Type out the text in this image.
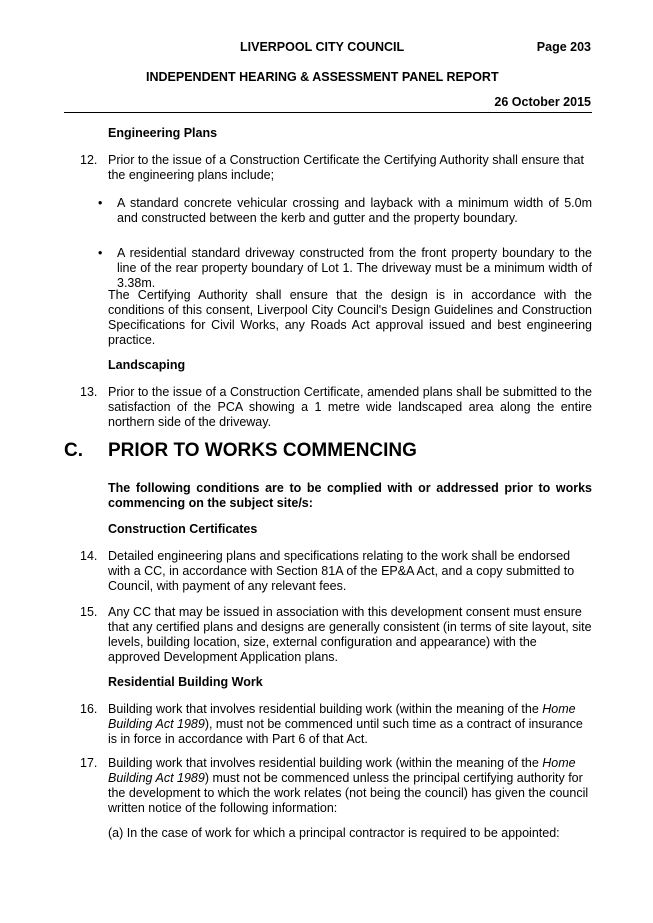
LIVERPOOL CITY COUNCIL	Page 203
INDEPENDENT HEARING & ASSESSMENT PANEL REPORT
26 October 2015
Engineering Plans
12. Prior to the issue of a Construction Certificate the Certifying Authority shall ensure that the engineering plans include;
• A standard concrete vehicular crossing and layback with a minimum width of 5.0m and constructed between the kerb and gutter and the property boundary.
• A residential standard driveway constructed from the front property boundary to the line of the rear property boundary of Lot 1. The driveway must be a minimum width of 3.38m.
The Certifying Authority shall ensure that the design is in accordance with the conditions of this consent, Liverpool City Council's Design Guidelines and Construction Specifications for Civil Works, any Roads Act approval issued and best engineering practice.
Landscaping
13. Prior to the issue of a Construction Certificate, amended plans shall be submitted to the satisfaction of the PCA showing a 1 metre wide landscaped area along the entire northern side of the driveway.
C. PRIOR TO WORKS COMMENCING
The following conditions are to be complied with or addressed prior to works commencing on the subject site/s:
Construction Certificates
14. Detailed engineering plans and specifications relating to the work shall be endorsed with a CC, in accordance with Section 81A of the EP&A Act, and a copy submitted to Council, with payment of any relevant fees.
15. Any CC that may be issued in association with this development consent must ensure that any certified plans and designs are generally consistent (in terms of site layout, site levels, building location, size, external configuration and appearance) with the approved Development Application plans.
Residential Building Work
16. Building work that involves residential building work (within the meaning of the Home Building Act 1989), must not be commenced until such time as a contract of insurance is in force in accordance with Part 6 of that Act.
17. Building work that involves residential building work (within the meaning of the Home Building Act 1989) must not be commenced unless the principal certifying authority for the development to which the work relates (not being the council) has given the council written notice of the following information:
(a) In the case of work for which a principal contractor is required to be appointed:
